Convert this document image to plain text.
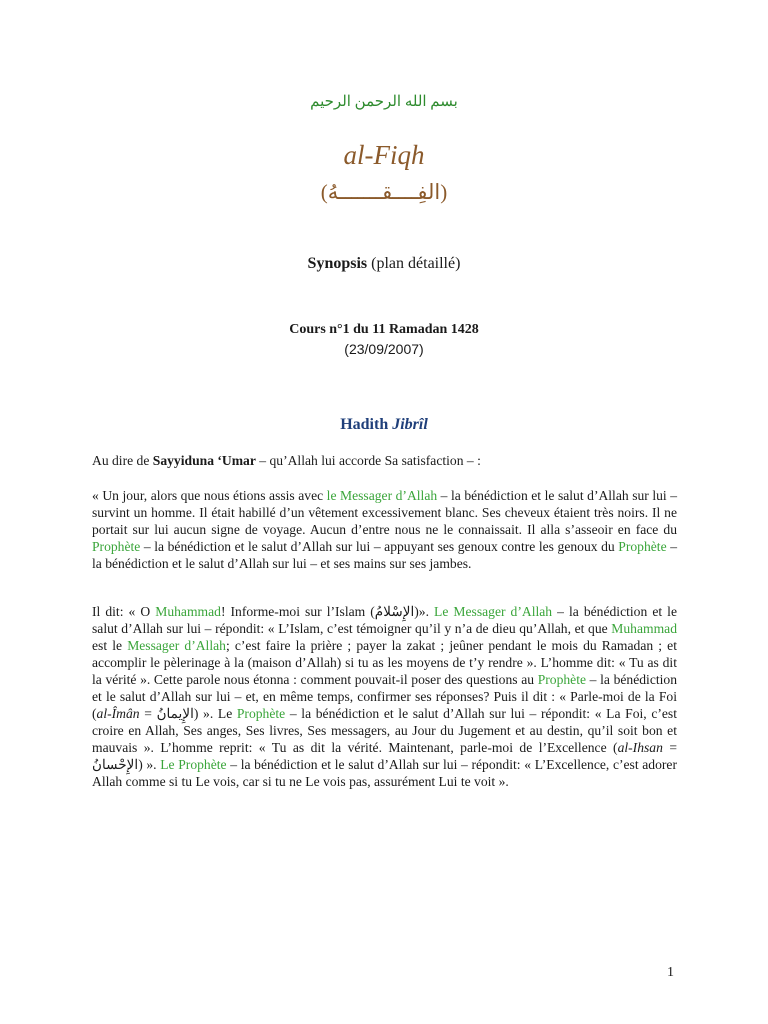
بسم الله الرحمن الرحيم
al-Fiqh
(الفِــــقـــــــهُ)
Synopsis (plan détaillé)
Cours n°1 du 11 Ramadan 1428
(23/09/2007)
Hadith Jibrîl
Au dire de Sayyiduna ‘Umar – qu’Allah lui accorde Sa satisfaction – :
« Un jour, alors que nous étions assis avec le Messager d’Allah – la bénédiction et le salut d’Allah sur lui – survint un homme. Il était habillé d’un vêtement excessivement blanc. Ses cheveux étaient très noirs. Il ne portait sur lui aucun signe de voyage. Aucun d’entre nous ne le connaissait. Il alla s’asseoir en face du Prophète – la bénédiction et le salut d’Allah sur lui – appuyant ses genoux contre les genoux du Prophète – la bénédiction et le salut d’Allah sur lui – et ses mains sur ses jambes.
Il dit: « O Muhammad! Informe-moi sur l’Islam (الإِسْلامُ)». Le Messager d’Allah – la bénédiction et le salut d’Allah sur lui – répondit: « L’Islam, c’est témoigner qu’il y n’a de dieu qu’Allah, et que Muhammad est le Messager d’Allah; c’est faire la prière ; payer la zakat ; jeûner pendant le mois du Ramadan ; et accomplir le pèlerinage à la (maison d’Allah) si tu as les moyens de t’y rendre ». L’homme dit: « Tu as dit la vérité ». Cette parole nous étonna : comment pouvait-il poser des questions au Prophète – la bénédiction et le salut d’Allah sur lui – et, en même temps, confirmer ses réponses? Puis il dit : « Parle-moi de la Foi (al-Îmân = الإِيمانُ) ». Le Prophète – la bénédiction et le salut d’Allah sur lui – répondit: « La Foi, c’est croire en Allah, Ses anges, Ses livres, Ses messagers, au Jour du Jugement et au destin, qu’il soit bon et mauvais ». L’homme reprit: « Tu as dit la vérité. Maintenant, parle-moi de l’Excellence (al-Ihsan = الإِحْسانُ) ». Le Prophète – la bénédiction et le salut d’Allah sur lui – répondit: « L’Excellence, c’est adorer Allah comme si tu Le vois, car si tu ne Le vois pas, assurément Lui te voit ».
1
